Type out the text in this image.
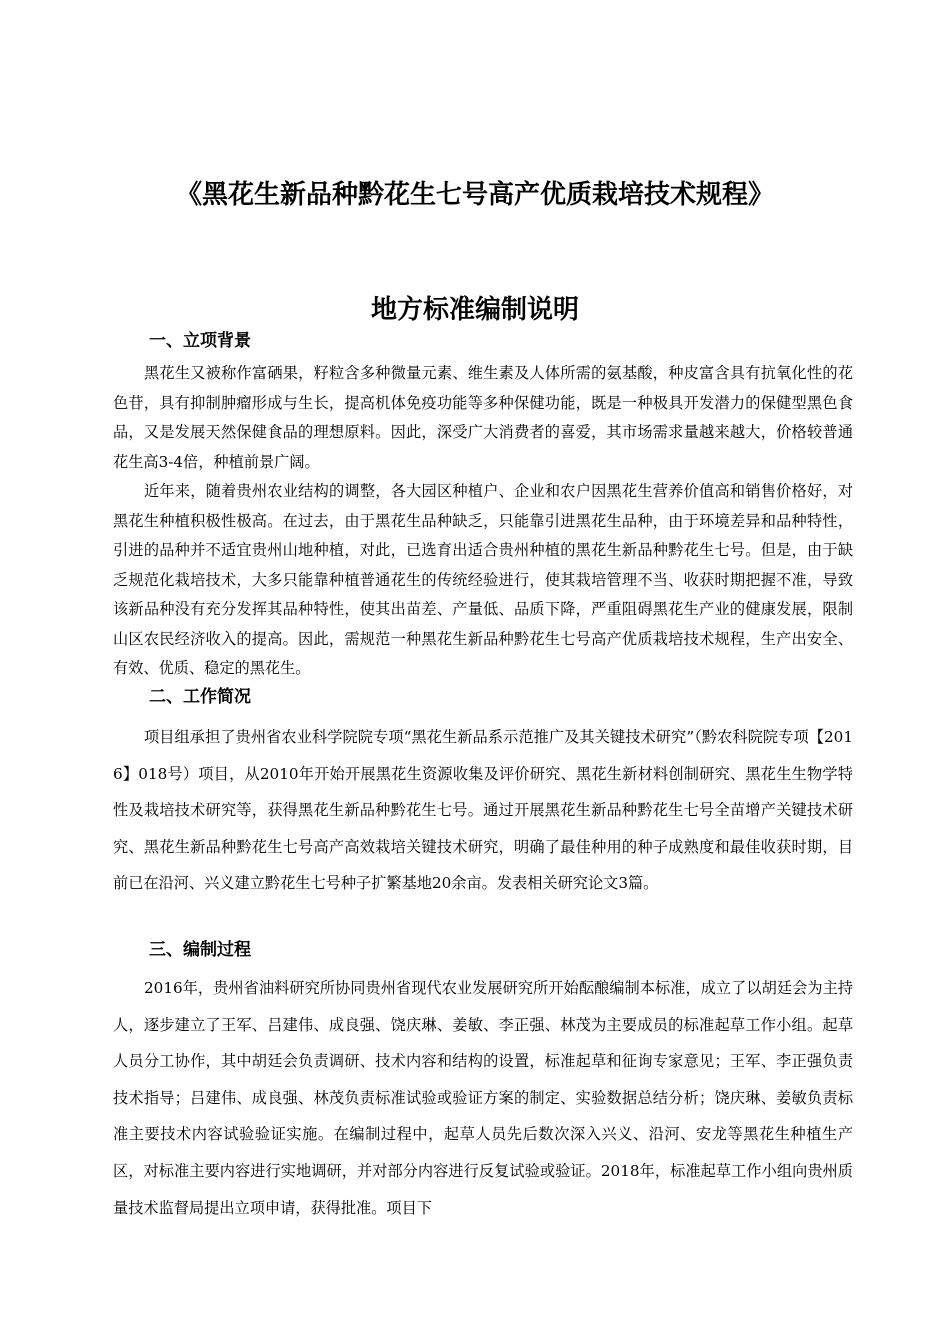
《黑花生新品种黔花生七号高产优质栽培技术规程》
地方标准编制说明
一、立项背景

黑花生又被称作富硒果，籽粒含多种微量元素、维生素及人体所需的氨基酸，种皮富含具有抗氧化性的花色苷，具有抑制肿瘤形成与生长，提高机体免疫功能等多种保健功能，既是一种极具开发潜力的保健型黑色食品，又是发展天然保健食品的理想原料。因此，深受广大消费者的喜爱，其市场需求量越来越大，价格较普通花生高3-4倍，种植前景广阔。

近年来，随着贵州农业结构的调整，各大园区种植户、企业和农户因黑花生营养价值高和销售价格好，对黑花生种植积极性极高。在过去，由于黑花生品种缺乏，只能靠引进黑花生品种，由于环境差异和品种特性，引进的品种并不适宜贵州山地种植，对此，已选育出适合贵州种植的黑花生新品种黔花生七号。但是，由于缺乏规范化栽培技术，大多只能靠种植普通花生的传统经验进行，使其栽培管理不当、收获时期把握不准，导致该新品种没有充分发挥其品种特性，使其出苗差、产量低、品质下降，严重阻碍黑花生产业的健康发展，限制山区农民经济收入的提高。因此，需规范一种黑花生新品种黔花生七号高产优质栽培技术规程，生产出安全、有效、优质、稳定的黑花生。

二、工作简况

项目组承担了贵州省农业科学院院专项“黑花生新品系示范推广及其关键技术研究”（黔农科院院专项【2016】018号）项目，从2010年开始开展黑花生资源收集及评价研究、黑花生新材料创制研究、黑花生生物学特性及栽培技术研究等，获得黑花生新品种黔花生七号。通过开展黑花生新品种黔花生七号全苗增产关键技术研究、黑花生新品种黔花生七号高产高效栽培关键技术研究，明确了最佳种用的种子成熟度和最佳收获时期，目前已在沿河、兴义建立黔花生七号种子扩繁基地20余亩。发表相关研究论文3篇。

三、编制过程

2016年，贵州省油料研究所协同贵州省现代农业发展研究所开始酝酿编制本标准，成立了以胡廷会为主持人，逐步建立了王军、吕建伟、成良强、饶庆琳、姜敏、李正强、林茂为主要成员的标准起草工作小组。起草人员分工协作，其中胡廷会负责调研、技术内容和结构的设置，标准起草和征询专家意见；王军、李正强负责技术指导；吕建伟、成良强、林茂负责标准试验或验证方案的制定、实验数据总结分析；饶庆琳、姜敏负责标准主要技术内容试验验证实施。在编制过程中，起草人员先后数次深入兴义、沿河、安龙等黑花生种植生产区，对标准主要内容进行实地调研，并对部分内容进行反复试验或验证。2018年，标准起草工作小组向贵州质量技术监督局提出立项申请，获得批准。项目下
